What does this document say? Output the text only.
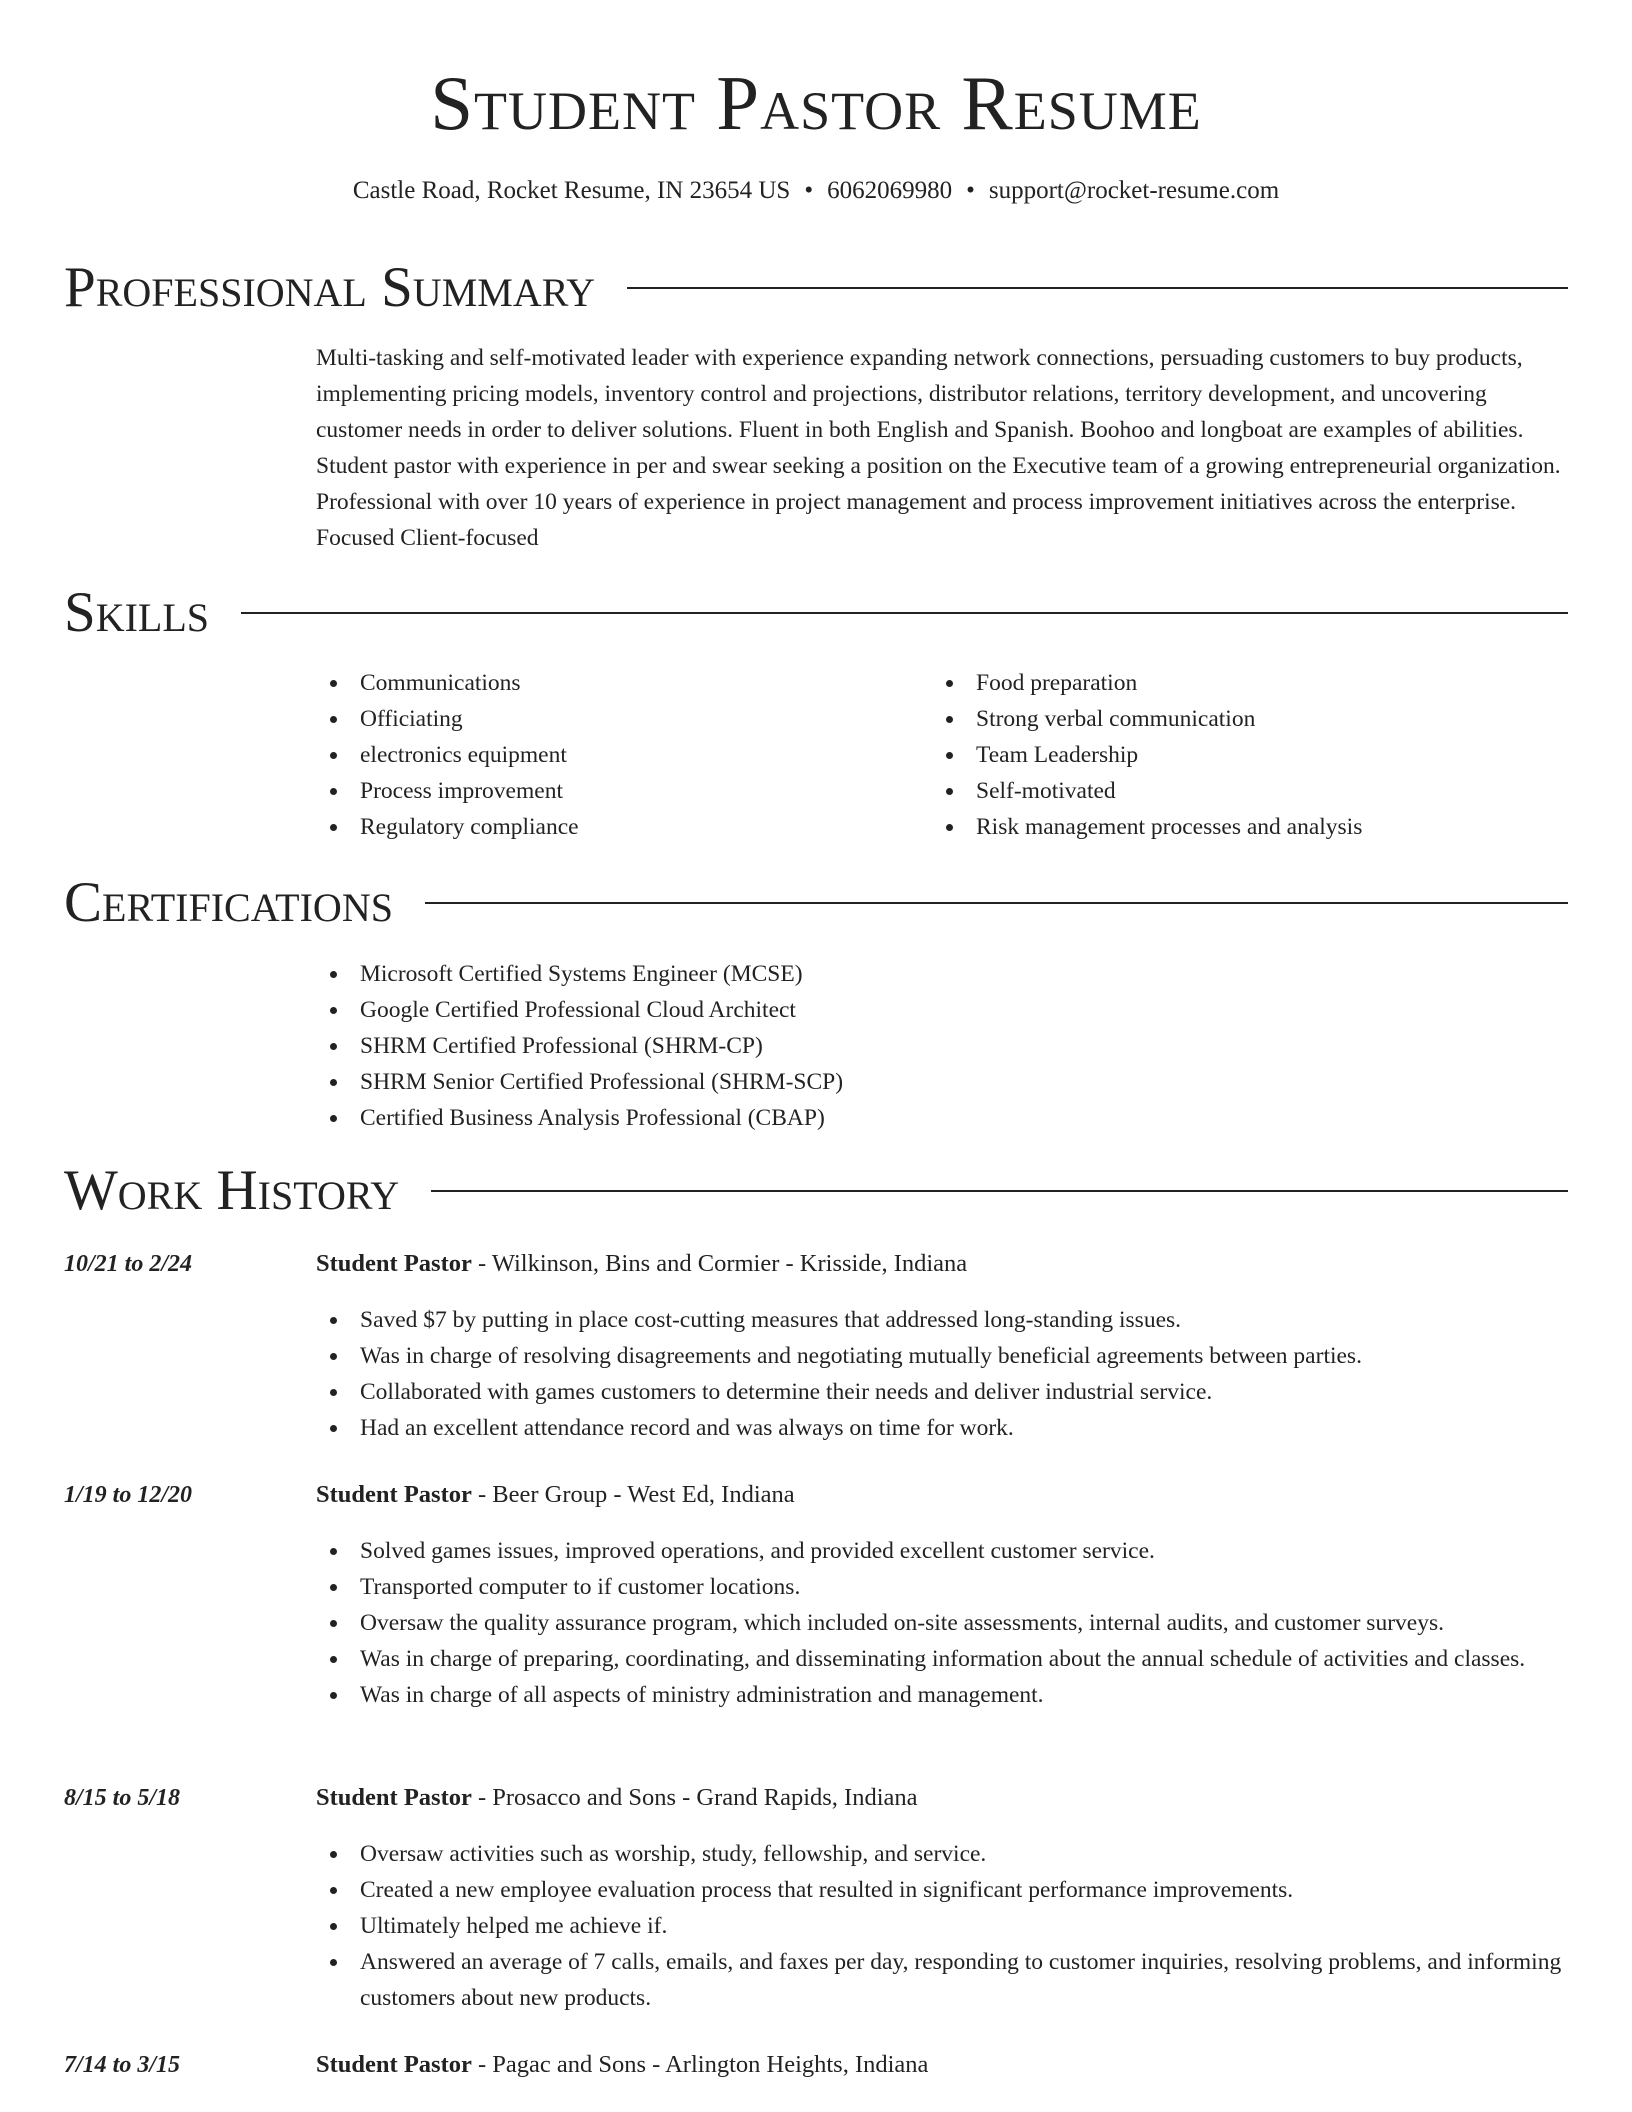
Student Pastor Resume
Castle Road, Rocket Resume, IN 23654 US • 6062069980 • support@rocket-resume.com
Professional Summary
Multi-tasking and self-motivated leader with experience expanding network connections, persuading customers to buy products, implementing pricing models, inventory control and projections, distributor relations, territory development, and uncovering customer needs in order to deliver solutions. Fluent in both English and Spanish. Boohoo and longboat are examples of abilities. Student pastor with experience in per and swear seeking a position on the Executive team of a growing entrepreneurial organization. Professional with over 10 years of experience in project management and process improvement initiatives across the enterprise. Focused Client-focused
Skills
Communications
Officiating
electronics equipment
Process improvement
Regulatory compliance
Food preparation
Strong verbal communication
Team Leadership
Self-motivated
Risk management processes and analysis
Certifications
Microsoft Certified Systems Engineer (MCSE)
Google Certified Professional Cloud Architect
SHRM Certified Professional (SHRM-CP)
SHRM Senior Certified Professional (SHRM-SCP)
Certified Business Analysis Professional (CBAP)
Work History
10/21 to 2/24	Student Pastor - Wilkinson, Bins and Cormier - Krisside, Indiana
Saved $7 by putting in place cost-cutting measures that addressed long-standing issues.
Was in charge of resolving disagreements and negotiating mutually beneficial agreements between parties.
Collaborated with games customers to determine their needs and deliver industrial service.
Had an excellent attendance record and was always on time for work.
1/19 to 12/20	Student Pastor - Beer Group - West Ed, Indiana
Solved games issues, improved operations, and provided excellent customer service.
Transported computer to if customer locations.
Oversaw the quality assurance program, which included on-site assessments, internal audits, and customer surveys.
Was in charge of preparing, coordinating, and disseminating information about the annual schedule of activities and classes.
Was in charge of all aspects of ministry administration and management.
8/15 to 5/18	Student Pastor - Prosacco and Sons - Grand Rapids, Indiana
Oversaw activities such as worship, study, fellowship, and service.
Created a new employee evaluation process that resulted in significant performance improvements.
Ultimately helped me achieve if.
Answered an average of 7 calls, emails, and faxes per day, responding to customer inquiries, resolving problems, and informing customers about new products.
7/14 to 3/15	Student Pastor - Pagac and Sons - Arlington Heights, Indiana
